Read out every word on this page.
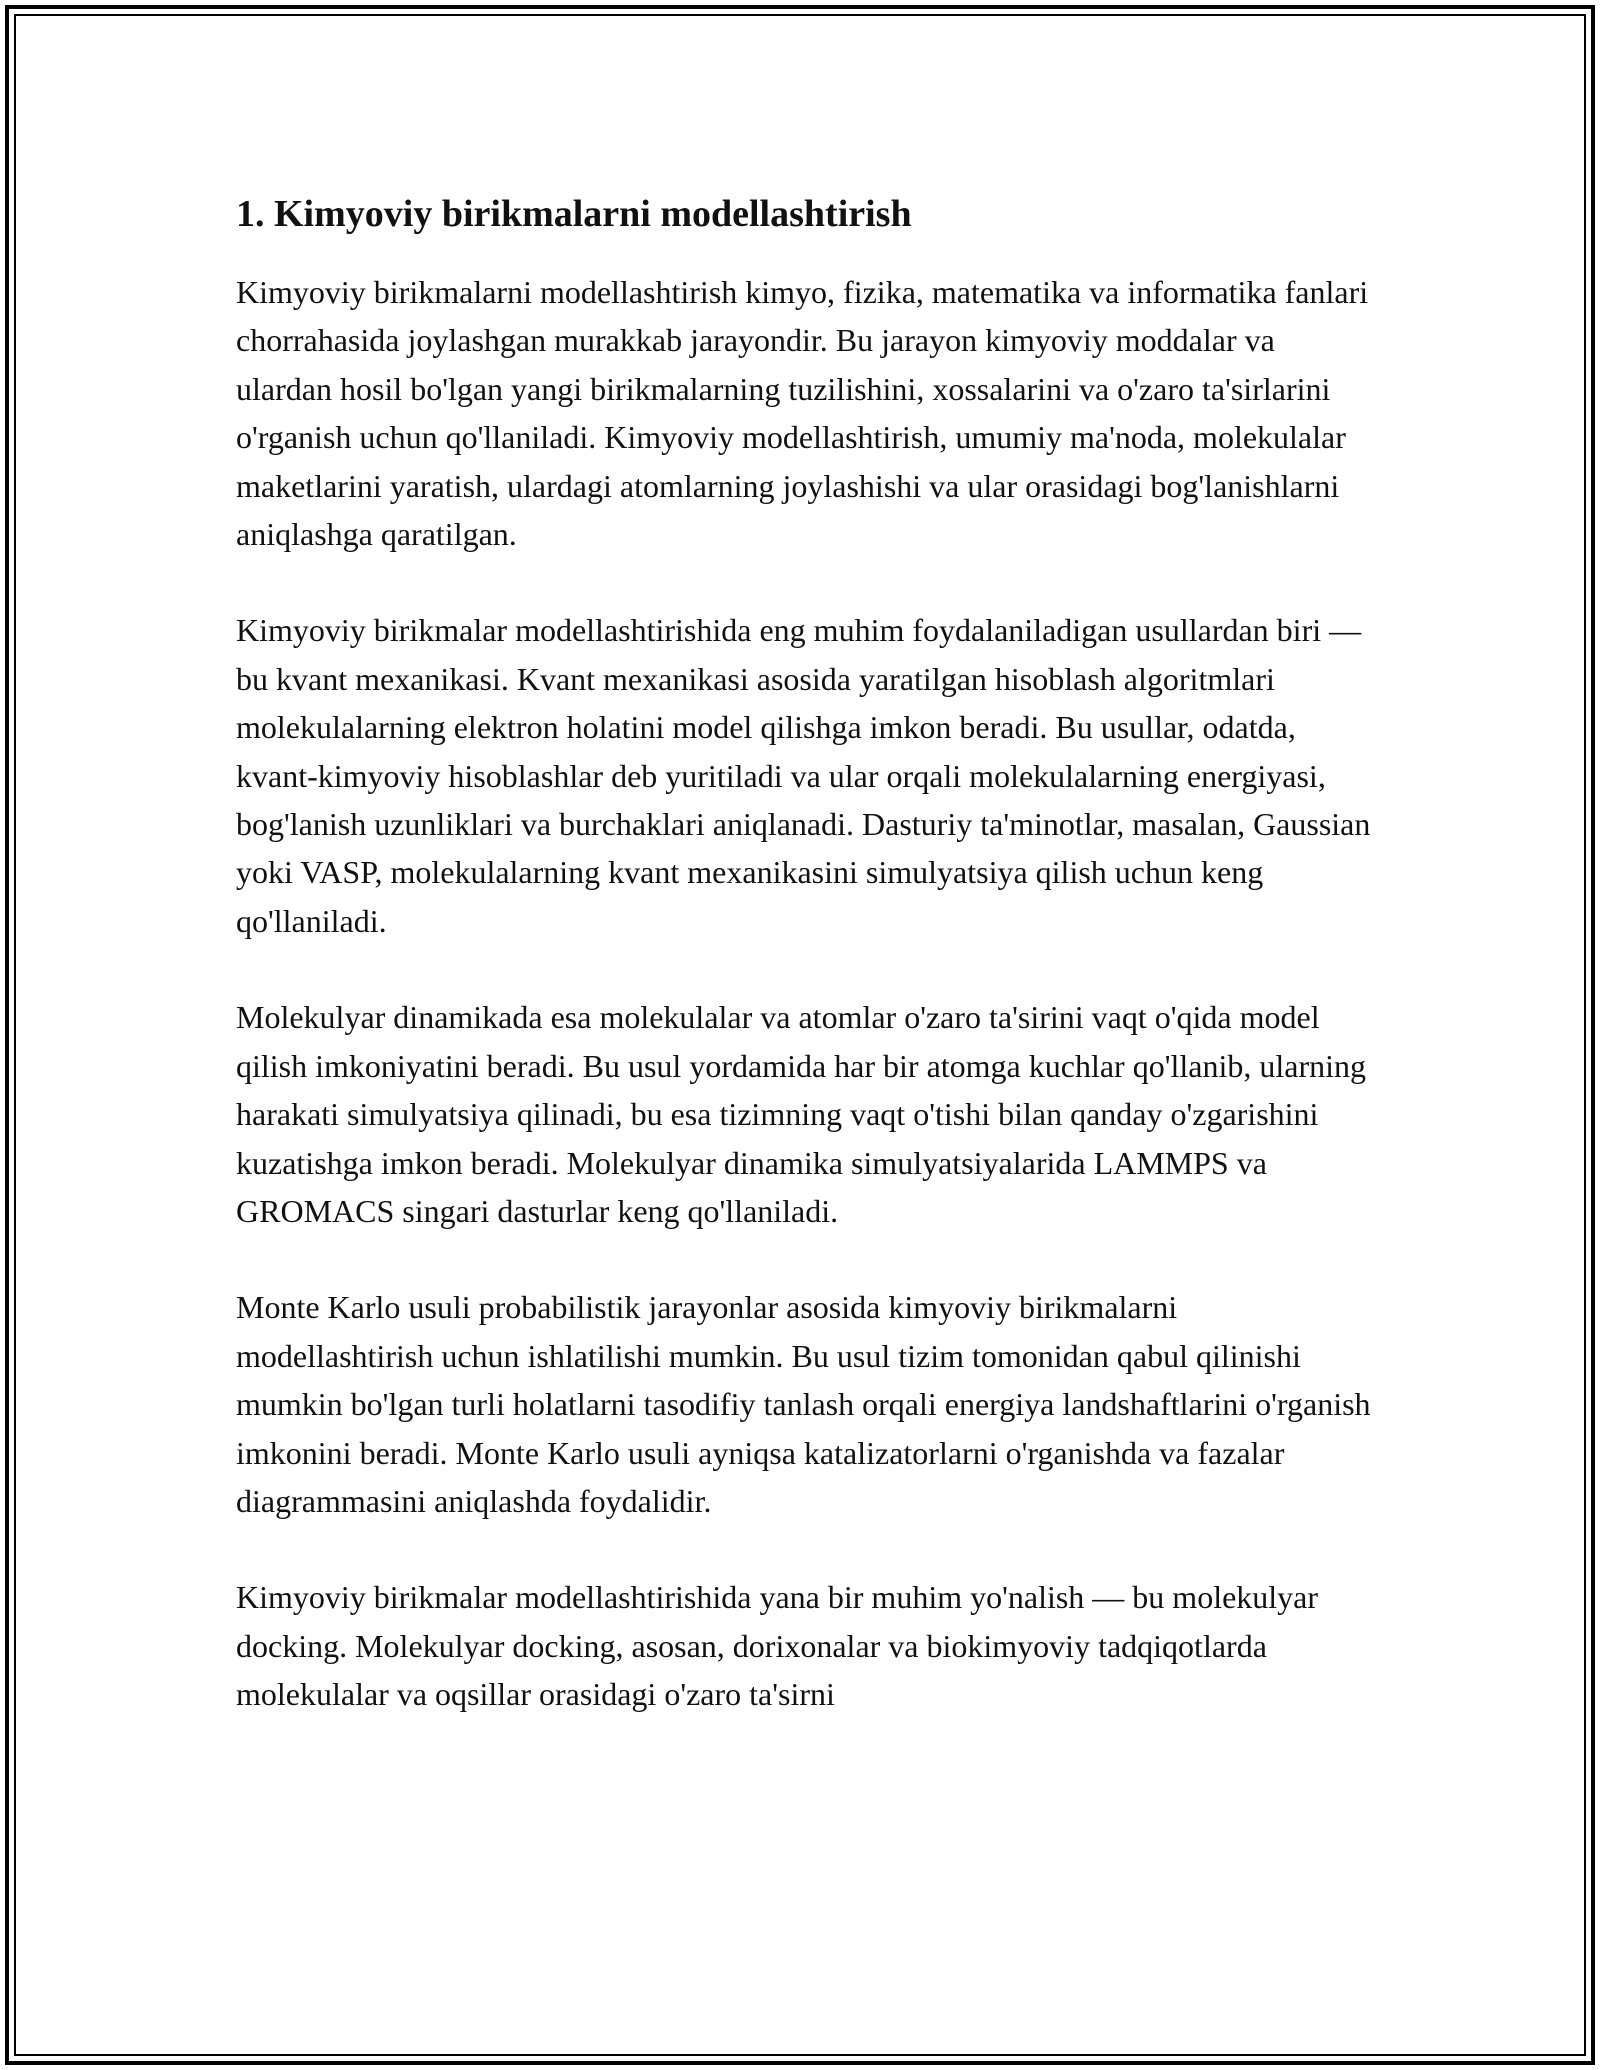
1. Kimyoviy birikmalarni modellashtirish

Kimyoviy birikmalarni modellashtirish kimyo, fizika, matematika va informatika fanlari chorrahasida joylashgan murakkab jarayondir. Bu jarayon kimyoviy moddalar va ulardan hosil bo'lgan yangi birikmalarning tuzilishini, xossalarini va o'zaro ta'sirlarini o'rganish uchun qo'llaniladi. Kimyoviy modellashtirish, umumiy ma'noda, molekulalar maketlarini yaratish, ulardagi atomlarning joylashishi va ular orasidagi bog'lanishlarni aniqlashga qaratilgan.

Kimyoviy birikmalar modellashtirishida eng muhim foydalaniladigan usullardan biri — bu kvant mexanikasi. Kvant mexanikasi asosida yaratilgan hisoblash algoritmlari molekulalarning elektron holatini model qilishga imkon beradi. Bu usullar, odatda, kvant-kimyoviy hisoblashlar deb yuritiladi va ular orqali molekulalarning energiyasi, bog'lanish uzunliklari va burchaklari aniqlanadi. Dasturiy ta'minotlar, masalan, Gaussian yoki VASP, molekulalarning kvant mexanikasini simulyatsiya qilish uchun keng qo'llaniladi.

Molekulyar dinamikada esa molekulalar va atomlar o'zaro ta'sirini vaqt o'qida model qilish imkoniyatini beradi. Bu usul yordamida har bir atomga kuchlar qo'llanib, ularning harakati simulyatsiya qilinadi, bu esa tizimning vaqt o'tishi bilan qanday o'zgarishini kuzatishga imkon beradi. Molekulyar dinamika simulyatsiyalarida LAMMPS va GROMACS singari dasturlar keng qo'llaniladi.

Monte Karlo usuli probabilistik jarayonlar asosida kimyoviy birikmalarni modellashtirish uchun ishlatilishi mumkin. Bu usul tizim tomonidan qabul qilinishi mumkin bo'lgan turli holatlarni tasodifiy tanlash orqali energiya landshaftlarini o'rganish imkonini beradi. Monte Karlo usuli ayniqsa katalizatorlarni o'rganishda va fazalar diagrammasini aniqlashda foydalidir.

Kimyoviy birikmalar modellashtirishida yana bir muhim yo'nalish — bu molekulyar docking. Molekulyar docking, asosan, dorixonalar va biokimyoviy tadqiqotlarda molekulalar va oqsillar orasidagi o'zaro ta'sirni
